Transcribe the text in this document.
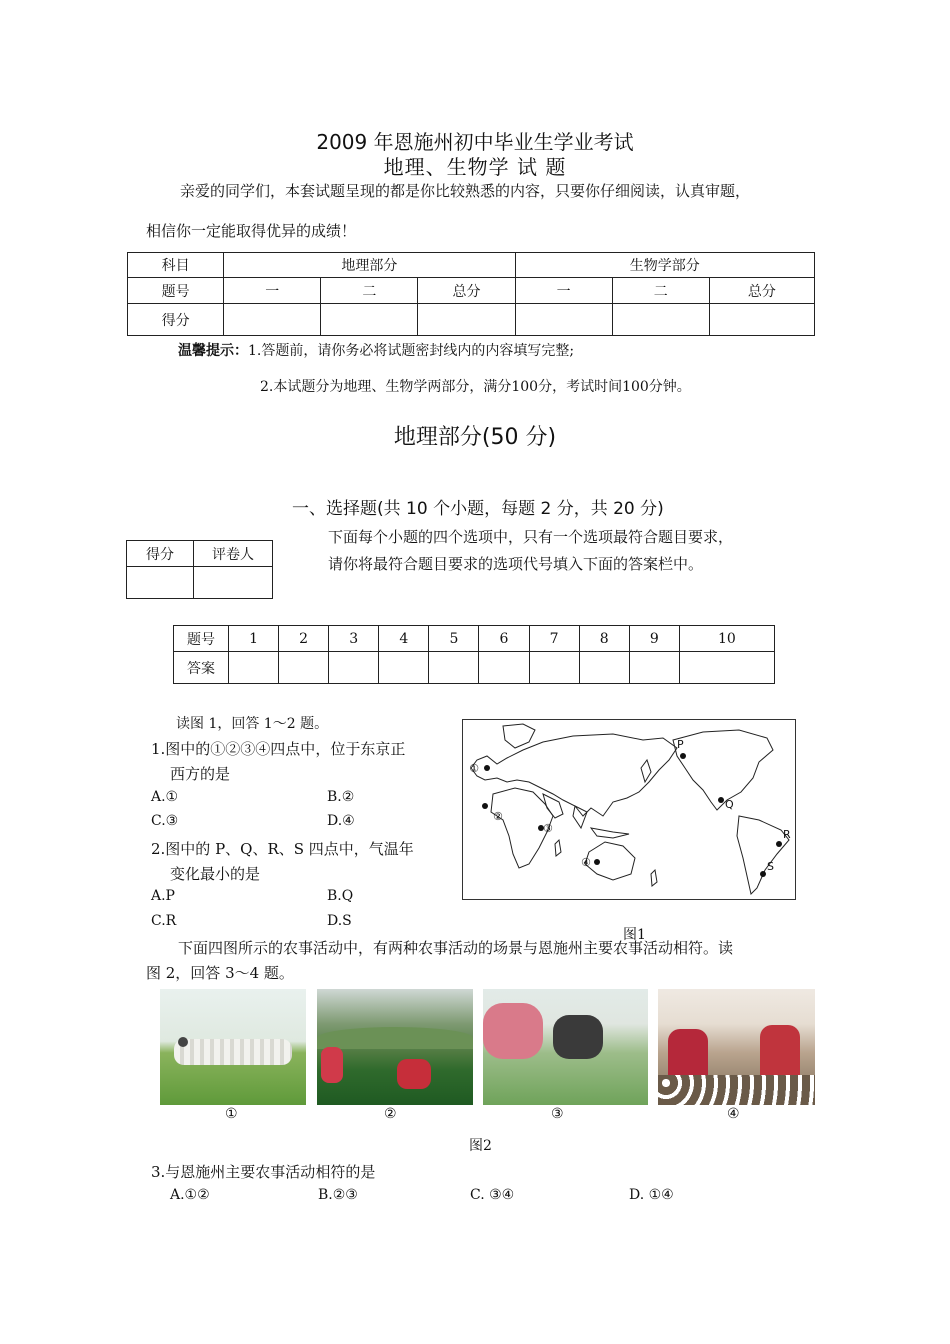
2009 年恩施州初中毕业生学业考试
地理、生物学 试 题
亲爱的同学们，本套试题呈现的都是你比较熟悉的内容，只要你仔细阅读，认真审题，
相信你一定能取得优异的成绩！
科目	地理部分			生物学部分		
题号	一	二	总分	一	二	总分
得分						
温馨提示：1.答题前，请你务必将试题密封线内的内容填写完整;
2.本试题分为地理、生物学两部分，满分100分，考试时间100分钟。
地理部分(50 分)
一、选择题(共 10 个小题，每题 2 分，共 20 分)
下面每个小题的四个选项中，只有一个选项最符合题目要求，
请你将最符合题目要求的选项代号填入下面的答案栏中。
得分	评卷人

题号	1	2	3	4	5	6	7	8	9	10
答案										
读图 1，回答 1～2 题。
1.图中的①②③④四点中，位于东京正
西方的是
A.①	B.②
C.③	D.④
2.图中的 P、Q、R、S 四点中，气温年
变化最小的是
A.P	B.Q
C.R	D.S
①
②
③
④
P
Q
R
S
图1
下面四图所示的农事活动中，有两种农事活动的场景与恩施州主要农事活动相符。读
图 2，回答 3～4 题。
①	②	③	④
图2
3.与恩施州主要农事活动相符的是
A.①②	B.②③	C. ③④	D. ①④
